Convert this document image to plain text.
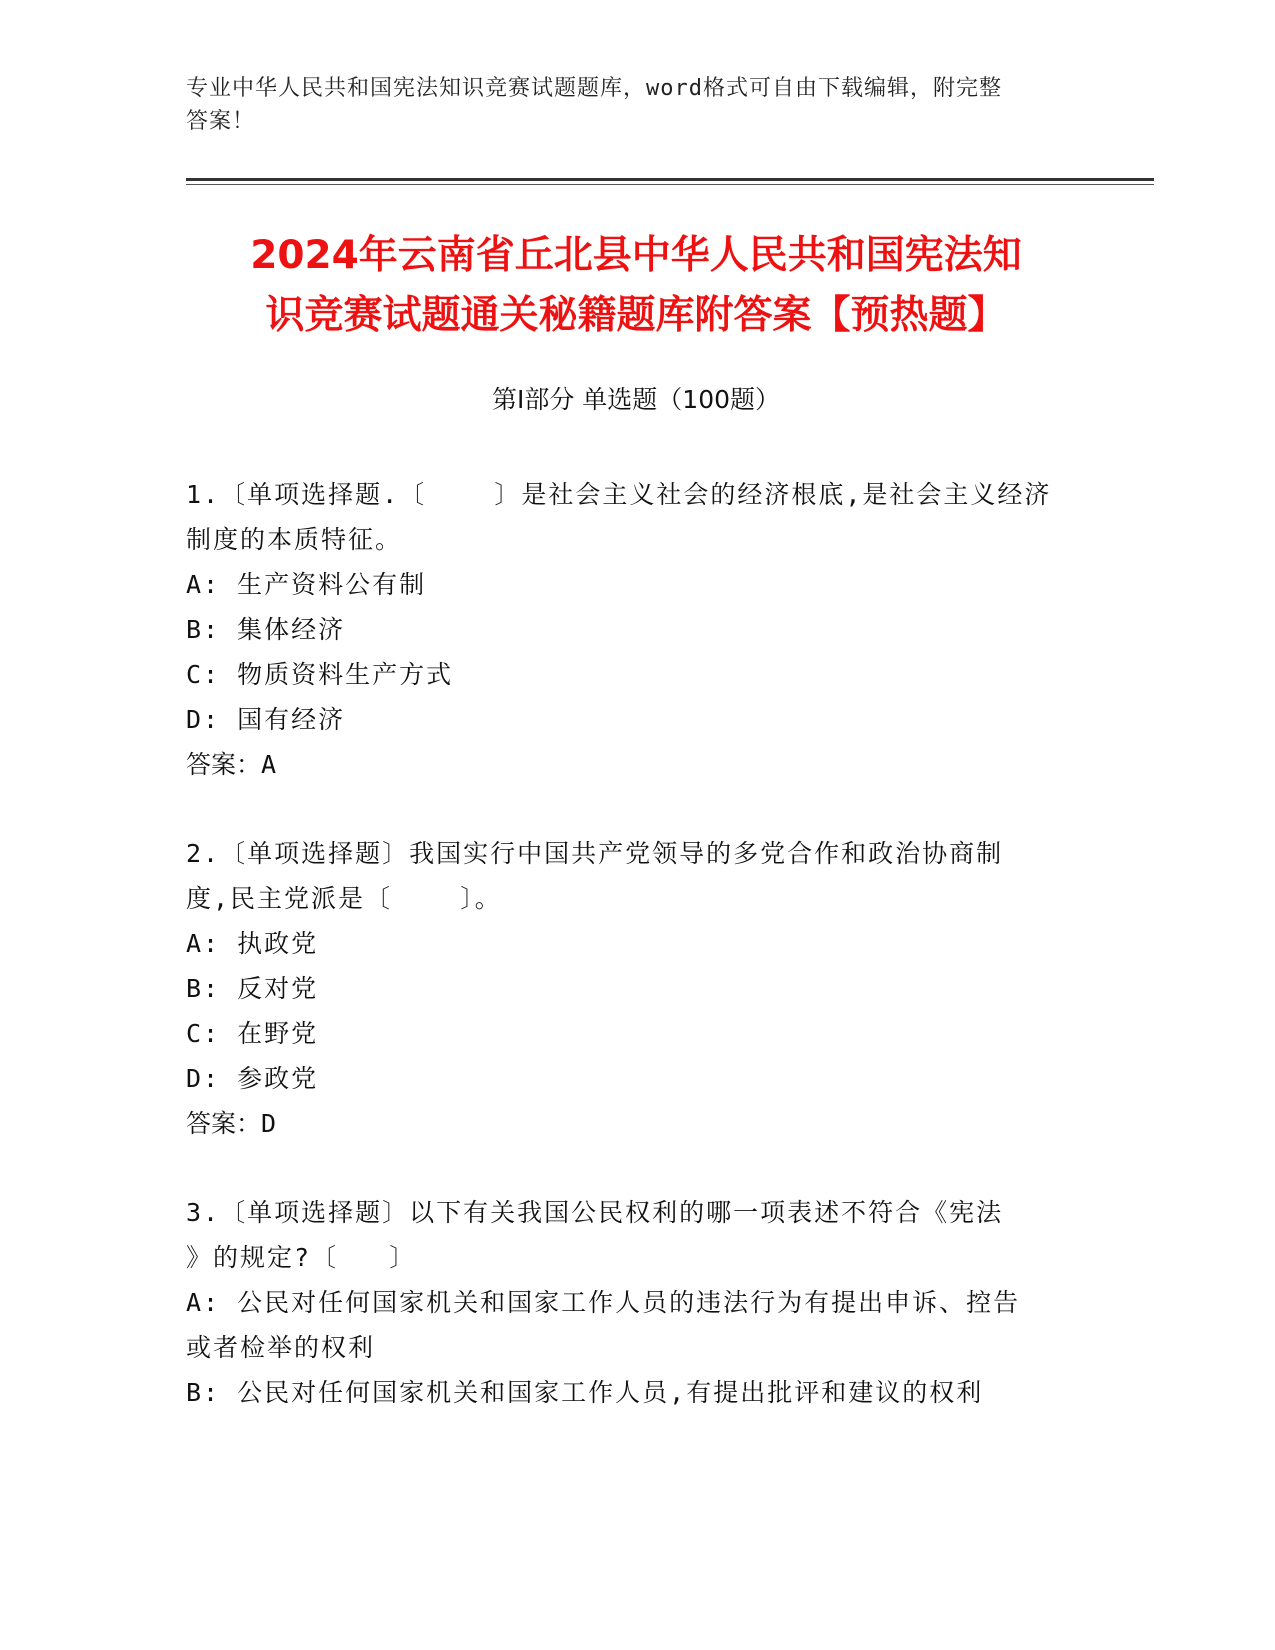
专业中华人民共和国宪法知识竞赛试题题库，word格式可自由下载编辑，附完整
答案！
2024年云南省丘北县中华人民共和国宪法知
识竞赛试题通关秘籍题库附答案【预热题】
第Ⅰ部分 单选题（100题）

1.〔单项选择题.〔    〕是社会主义社会的经济根底,是社会主义经济

制度的本质特征。

A: 生产资料公有制

B: 集体经济

C: 物质资料生产方式

D: 国有经济

答案：A

2.〔单项选择题〕我国实行中国共产党领导的多党合作和政治协商制

度,民主党派是〔    〕。

A: 执政党

B: 反对党

C: 在野党

D: 参政党

答案：D

3.〔单项选择题〕以下有关我国公民权利的哪一项表述不符合《宪法

》的规定?〔   〕

A: 公民对任何国家机关和国家工作人员的违法行为有提出申诉、控告

或者检举的权利

B: 公民对任何国家机关和国家工作人员,有提出批评和建议的权利
